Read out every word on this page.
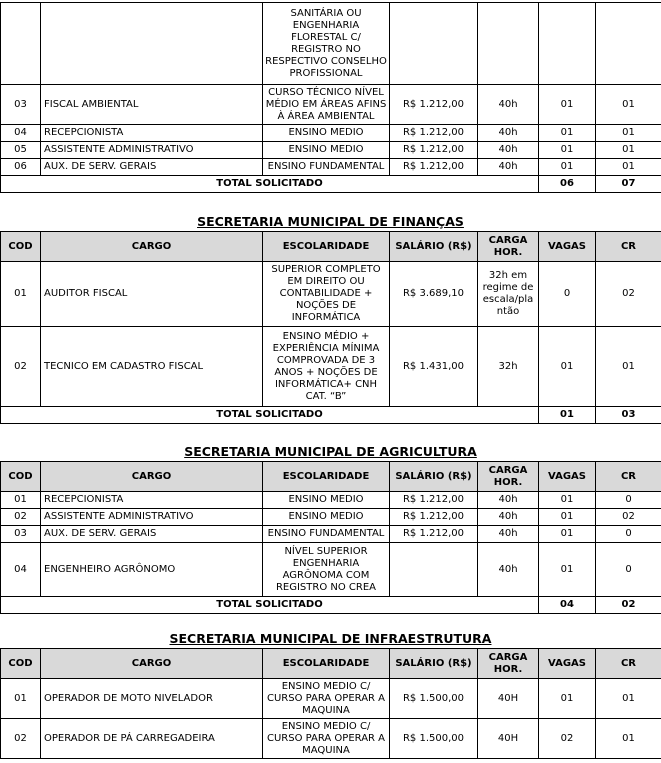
		SANITÁRIA OU ENGENHARIA FLORESTAL C/ REGISTRO NO RESPECTIVO CONSELHO PROFISSIONAL				
03	FISCAL AMBIENTAL	CURSO TÉCNICO NÍVEL MÉDIO EM ÁREAS AFINS À ÁREA AMBIENTAL	R$ 1.212,00	40h	01	01
04	RECEPCIONISTA	ENSINO MEDIO	R$ 1.212,00	40h	01	01
05	ASSISTENTE ADMINISTRATIVO	ENSINO MEDIO	R$ 1.212,00	40h	01	01
06	AUX. DE SERV. GERAIS	ENSINO FUNDAMENTAL	R$ 1.212,00	40h	01	01
TOTAL SOLICITADO					06	07
SECRETARIA MUNICIPAL DE FINANÇAS
COD	CARGO	ESCOLARIDADE	SALÁRIO (R$)	CARGA HOR.	VAGAS	CR
01	AUDITOR FISCAL	SUPERIOR COMPLETO EM DIREITO OU CONTABILIDADE + NOÇÕES DE INFORMÁTICA	R$ 3.689,10	32h em regime de escala/pla ntão	0	02
02	TECNICO EM CADASTRO FISCAL	ENSINO MÉDIO + EXPERIÊNCIA MÍNIMA COMPROVADA DE 3 ANOS + NOÇÕES DE INFORMÁTICA+ CNH CAT. “B”	R$ 1.431,00	32h	01	01
TOTAL SOLICITADO					01	03
SECRETARIA MUNICIPAL DE AGRICULTURA
COD	CARGO	ESCOLARIDADE	SALÁRIO (R$)	CARGA HOR.	VAGAS	CR
01	RECEPCIONISTA	ENSINO MEDIO	R$ 1.212,00	40h	01	0
02	ASSISTENTE ADMINISTRATIVO	ENSINO MEDIO	R$ 1.212,00	40h	01	02
03	AUX. DE SERV. GERAIS	ENSINO FUNDAMENTAL	R$ 1.212,00	40h	01	0
04	ENGENHEIRO AGRÔNOMO	NÍVEL SUPERIOR ENGENHARIA AGRÔNOMA COM REGISTRO NO CREA		40h	01	0
TOTAL SOLICITADO					04	02
SECRETARIA MUNICIPAL DE INFRAESTRUTURA
COD	CARGO	ESCOLARIDADE	SALÁRIO (R$)	CARGA HOR.	VAGAS	CR
01	OPERADOR DE MOTO NIVELADOR	ENSINO MEDIO C/ CURSO PARA OPERAR A MAQUINA	R$ 1.500,00	40H	01	01
02	OPERADOR DE PÁ CARREGADEIRA	ENSINO MEDIO C/ CURSO PARA OPERAR A MAQUINA	R$ 1.500,00	40H	02	01
